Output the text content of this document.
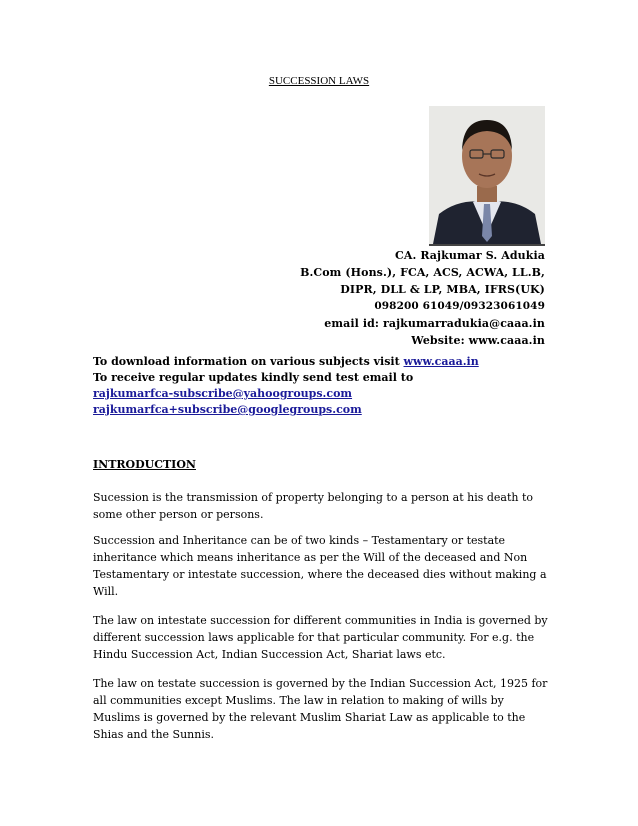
SUCCESSION LAWS
CA. Rajkumar S. Adukia
B.Com (Hons.), FCA, ACS, ACWA, LL.B,
DIPR, DLL & LP, MBA, IFRS(UK)
098200 61049/09323061049
email id: rajkumarradukia@caaa.in
Website: www.caaa.in
To download information on various subjects visit www.caaa.in
To receive regular updates kindly send test email to
rajkumarfca-subscribe@yahoogroups.com
rajkumarfca+subscribe@googlegroups.com
INTRODUCTION
Sucession is the transmission of property belonging to a person at his death to some other person or persons.
Succession and Inheritance can be of two kinds – Testamentary or testate inheritance which means inheritance as per the Will of the deceased and Non Testamentary or intestate succession, where the deceased dies without making a Will.
The law on intestate succession for different communities in India is governed by different succession laws applicable for that particular community. For e.g. the Hindu Succession Act, Indian Succession Act, Shariat laws etc.
The law on testate succession is governed by the Indian Succession Act, 1925 for all communities except Muslims. The law in relation to making of wills by Muslims is governed by the relevant Muslim Shariat Law as applicable to the Shias and the Sunnis.
